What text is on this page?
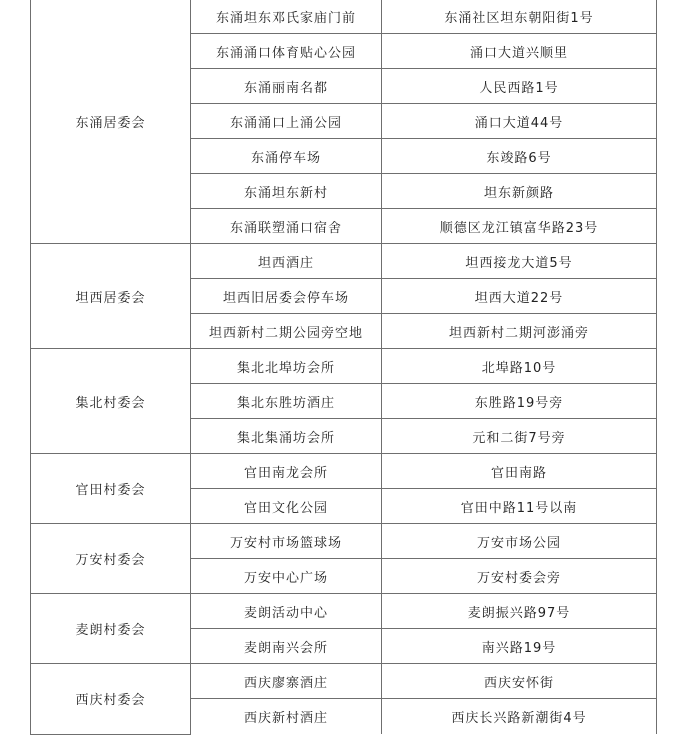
东涌居委会	东涌坦东邓氏家庙门前	东涌社区坦东朝阳街1号
	东涌涌口体育贴心公园	涌口大道兴顺里
	东涌丽南名都	人民西路1号
	东涌涌口上涌公园	涌口大道44号
	东涌停车场	东竣路6号
	东涌坦东新村	坦东新颜路
	东涌联塑涌口宿舍	顺德区龙江镇富华路23号
坦西居委会	坦西酒庄	坦西接龙大道5号
	坦西旧居委会停车场	坦西大道22号
	坦西新村二期公园旁空地	坦西新村二期河澎涌旁
集北村委会	集北北埠坊会所	北埠路10号
	集北东胜坊酒庄	东胜路19号旁
	集北集涌坊会所	元和二街7号旁
官田村委会	官田南龙会所	官田南路
	官田文化公园	官田中路11号以南
万安村委会	万安村市场篮球场	万安市场公园
	万安中心广场	万安村委会旁
麦朗村委会	麦朗活动中心	麦朗振兴路97号
	麦朗南兴会所	南兴路19号
西庆村委会	西庆廖寨酒庄	西庆安怀街
	西庆新村酒庄	西庆长兴路新潮街4号
